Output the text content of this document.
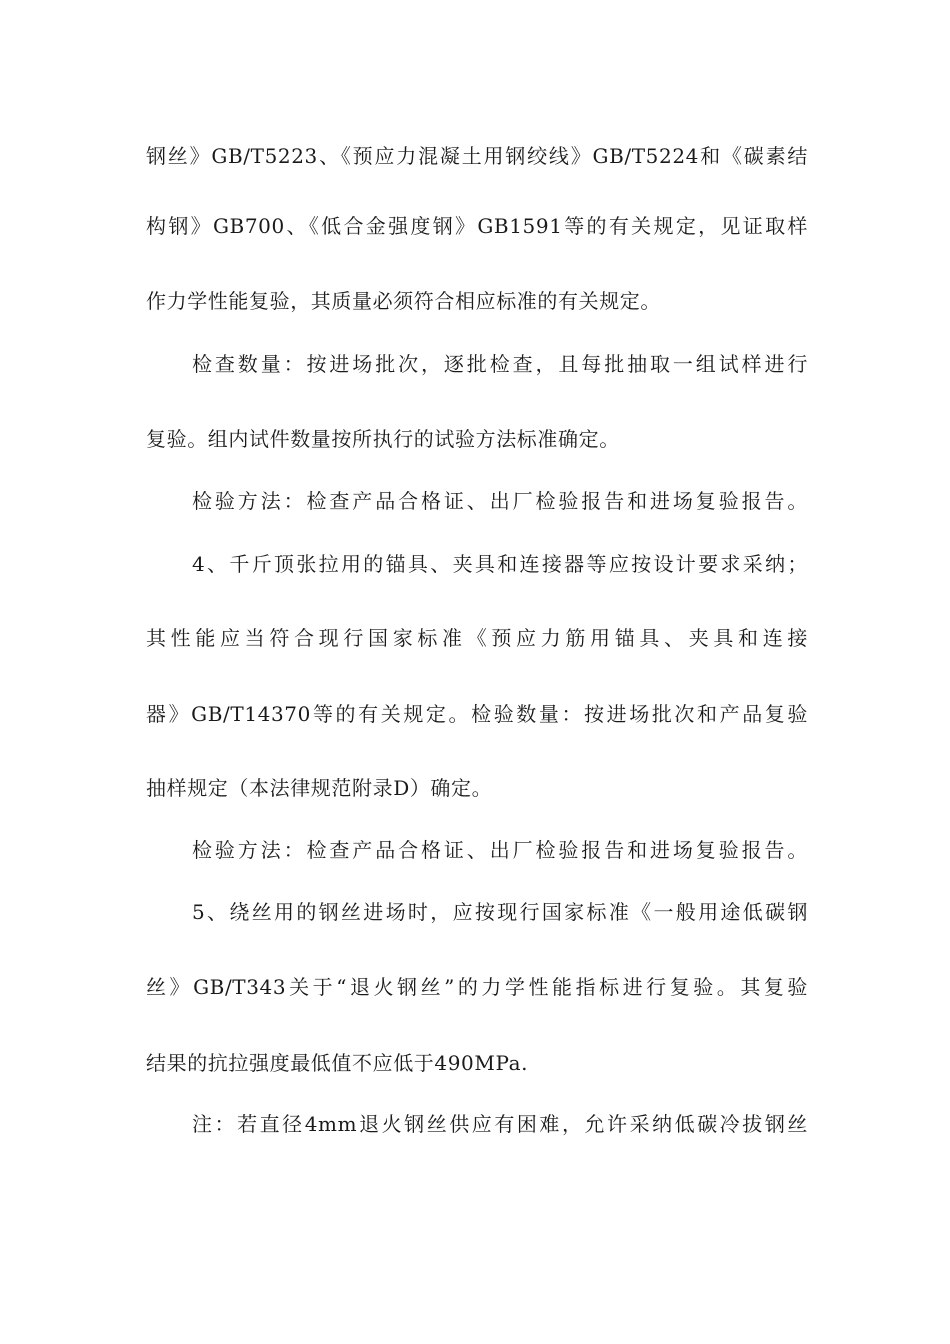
钢丝》GB/T5223、《预应力混凝土用钢绞线》GB/T5224和《碳素结
构钢》GB700、《低合金强度钢》GB1591等的有关规定，见证取样
作力学性能复验，其质量必须符合相应标准的有关规定。
检查数量：按进场批次，逐批检查，且每批抽取一组试样进行
复验。组内试件数量按所执行的试验方法标准确定。
检验方法：检查产品合格证、出厂检验报告和进场复验报告。
4、千斤顶张拉用的锚具、夹具和连接器等应按设计要求采纳；
其性能应当符合现行国家标准《预应力筋用锚具、夹具和连接
器》GB/T14370等的有关规定。检验数量：按进场批次和产品复验
抽样规定（本法律规范附录D）确定。
检验方法：检查产品合格证、出厂检验报告和进场复验报告。
5、绕丝用的钢丝进场时，应按现行国家标准《一般用途低碳钢
丝》GB/T343关于“退火钢丝”的力学性能指标进行复验。其复验
结果的抗拉强度最低值不应低于490MPa.
注：若直径4mm退火钢丝供应有困难，允许采纳低碳冷拔钢丝
